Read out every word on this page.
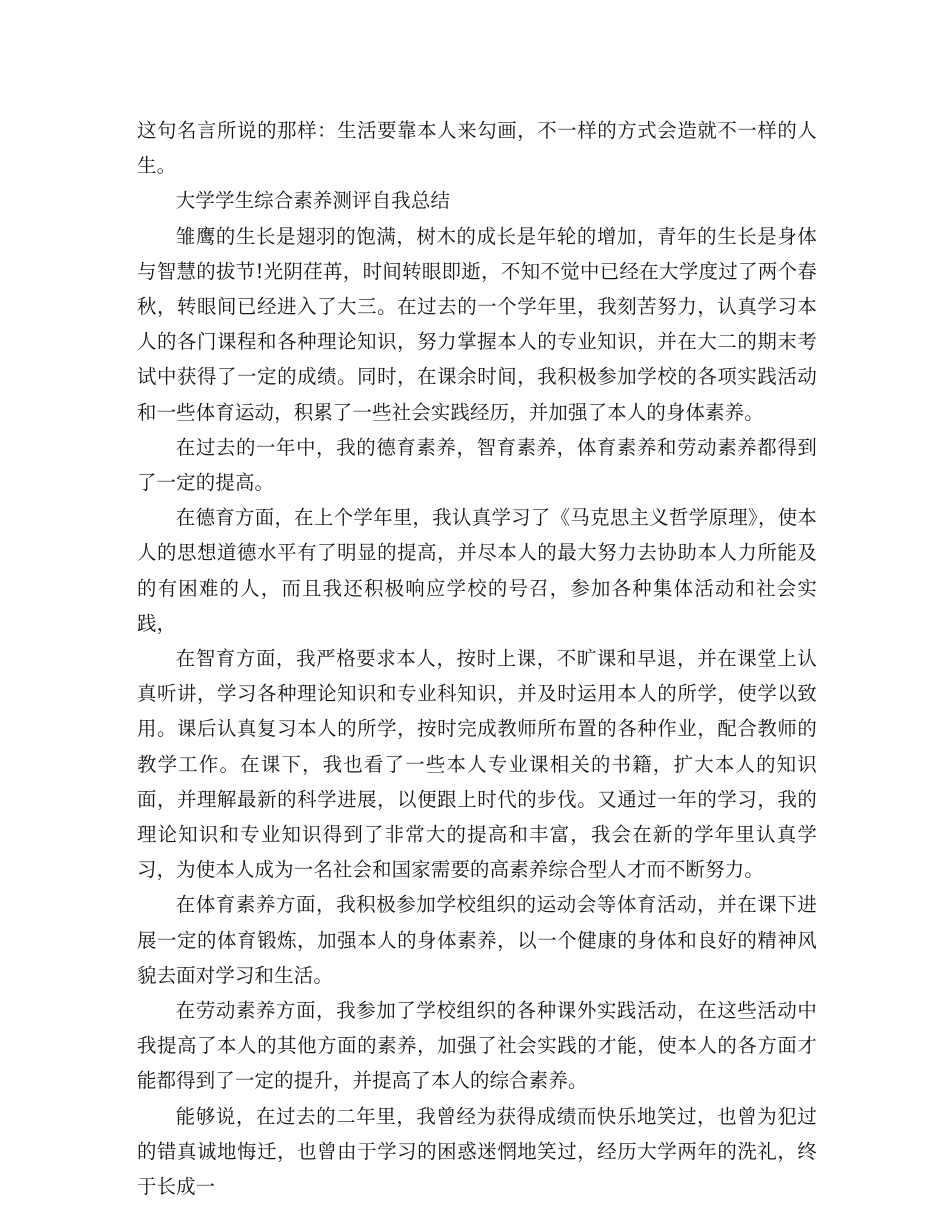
这句名言所说的那样：生活要靠本人来勾画，不一样的方式会造就不一样的人生。

大学学生综合素养测评自我总结

雏鹰的生长是翅羽的饱满，树木的成长是年轮的增加，青年的生长是身体与智慧的拔节!光阴荏苒，时间转眼即逝，不知不觉中已经在大学度过了两个春秋，转眼间已经进入了大三。在过去的一个学年里，我刻苦努力，认真学习本人的各门课程和各种理论知识，努力掌握本人的专业知识，并在大二的期末考试中获得了一定的成绩。同时，在课余时间，我积极参加学校的各项实践活动和一些体育运动，积累了一些社会实践经历，并加强了本人的身体素养。

在过去的一年中，我的德育素养，智育素养，体育素养和劳动素养都得到了一定的提高。

在德育方面，在上个学年里，我认真学习了《马克思主义哲学原理》，使本人的思想道德水平有了明显的提高，并尽本人的最大努力去协助本人力所能及的有困难的人，而且我还积极响应学校的号召，参加各种集体活动和社会实践，

在智育方面，我严格要求本人，按时上课，不旷课和早退，并在课堂上认真听讲，学习各种理论知识和专业科知识，并及时运用本人的所学，使学以致用。课后认真复习本人的所学，按时完成教师所布置的各种作业，配合教师的教学工作。在课下，我也看了一些本人专业课相关的书籍，扩大本人的知识面，并理解最新的科学进展，以便跟上时代的步伐。又通过一年的学习，我的理论知识和专业知识得到了非常大的提高和丰富，我会在新的学年里认真学习，为使本人成为一名社会和国家需要的高素养综合型人才而不断努力。

在体育素养方面，我积极参加学校组织的运动会等体育活动，并在课下进展一定的体育锻炼，加强本人的身体素养，以一个健康的身体和良好的精神风貌去面对学习和生活。

在劳动素养方面，我参加了学校组织的各种课外实践活动，在这些活动中我提高了本人的其他方面的素养，加强了社会实践的才能，使本人的各方面才能都得到了一定的提升，并提高了本人的综合素养。

能够说，在过去的二年里，我曾经为获得成绩而快乐地笑过，也曾为犯过的错真诚地悔迁，也曾由于学习的困惑迷惘地笑过，经历大学两年的洗礼，终于长成一
